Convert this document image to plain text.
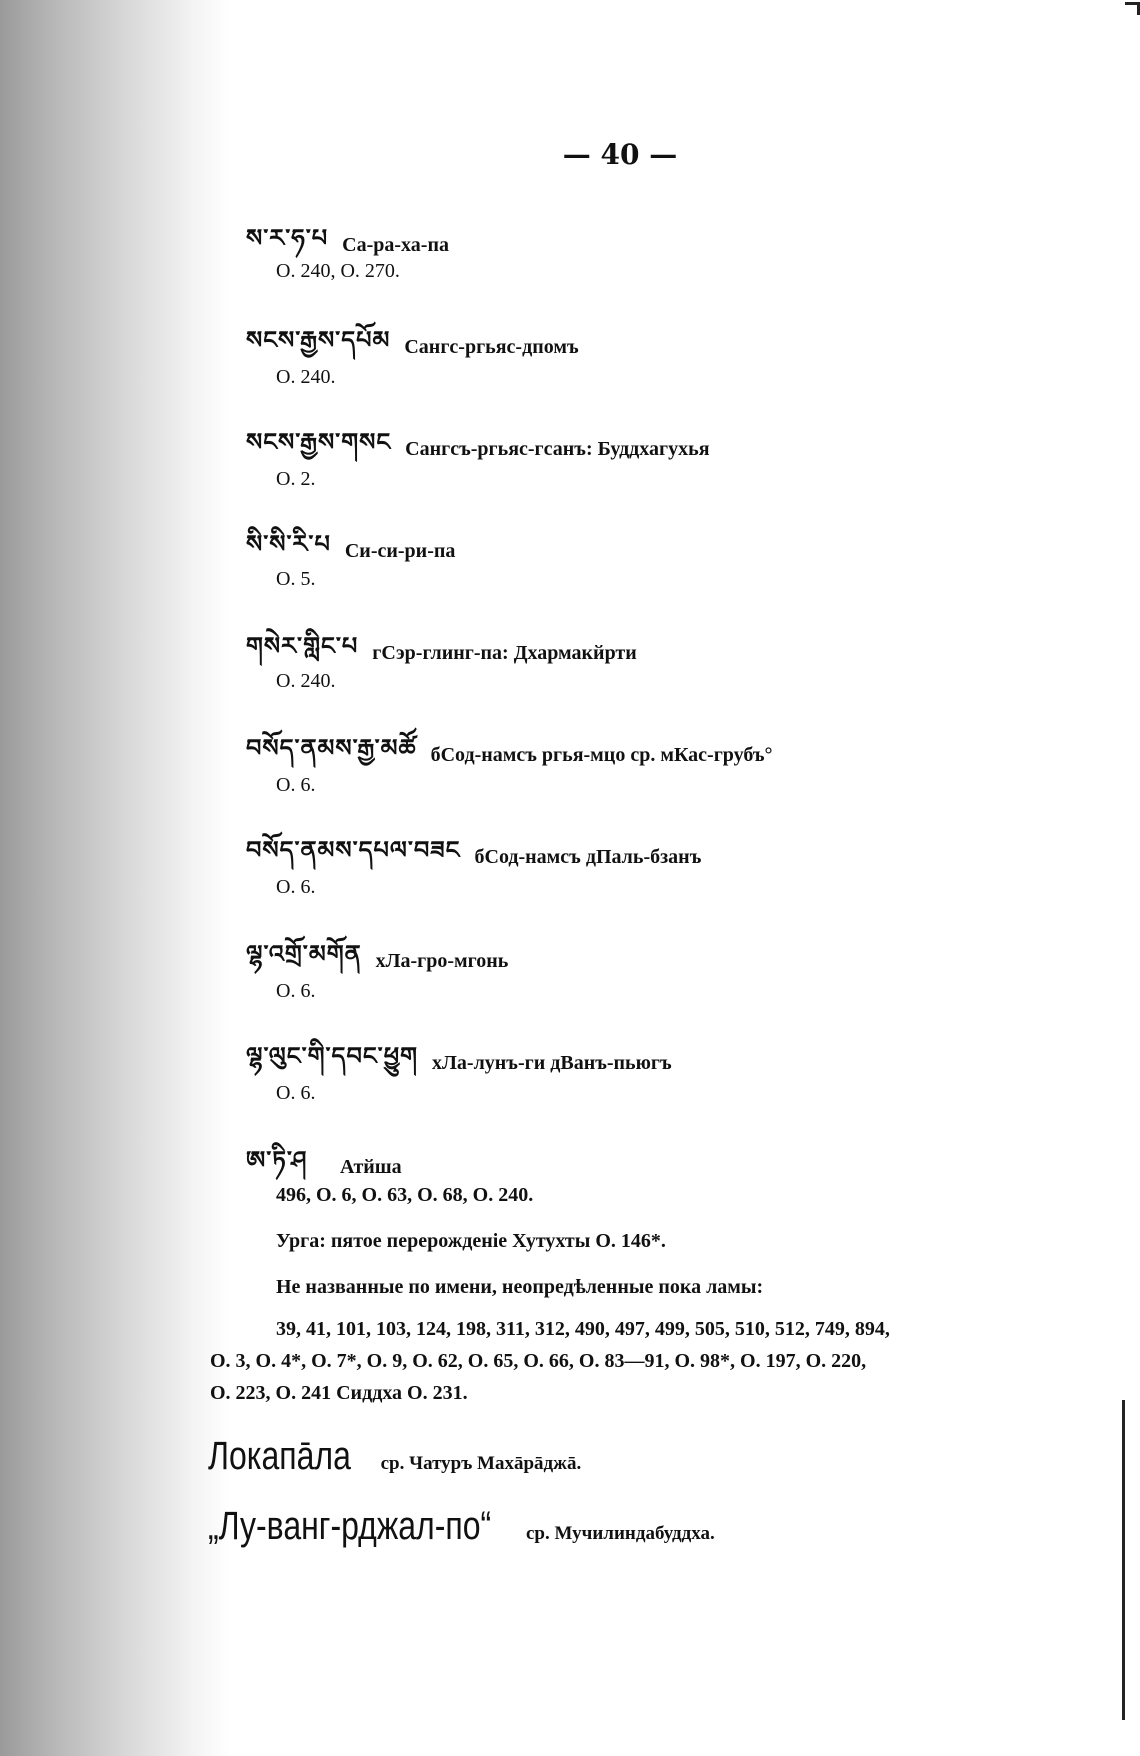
— 40 —
ས་ར་ཧ་པ Са-ра-ха-па
О. 240, О. 270.
སངས་རྒྱས་དཔོམ Сангс-ргьяс-дпомъ
О. 240.
སངས་རྒྱས་གསང Сангсъ-ргьяс-гсанъ: Буддхагухья
О. 2.
སི་སི་རི་པ Си-си-ри-па
О. 5.
གསེར་གླིང་པ гСэр-глинг-па: Дхармакйрти
О. 240.
བསོད་ནམས་རྒྱ་མཚོ бСод-намсъ ргья-мцо ср. мКас-грубъ°
О. 6.
བསོད་ནམས་དཔལ་བཟང бСод-намсъ дПаль-бзанъ
О. 6.
ལྷ་འགྲོ་མགོན хЛа-гро-мгонь
О. 6.
ལྷ་ལུང་གི་དབང་ཕྱུག хЛа-лунъ-ги дВанъ-пьюгъ
О. 6.
ཨ་ཏི་ཤ	Атйша
496, О. 6, О. 63, О. 68, О. 240.
Урга: пятое перерожденiе Хутухты О. 146*.
Не названные по имени, неопредѣленные пока ламы:
39, 41, 101, 103, 124, 198, 311, 312, 490, 497, 499, 505, 510, 512, 749, 894,
О. 3, О. 4*, О. 7*, О. 9, О. 62, О. 65, О. 66, О. 83—91, О. 98*, О. 197, О. 220,
О. 223, О. 241 Сиддха О. 231.
Локапāла ср. Чатуръ Махāрāджā.
„Лу-ванг-рджал-по“ ср. Мучилиндабуддха.
